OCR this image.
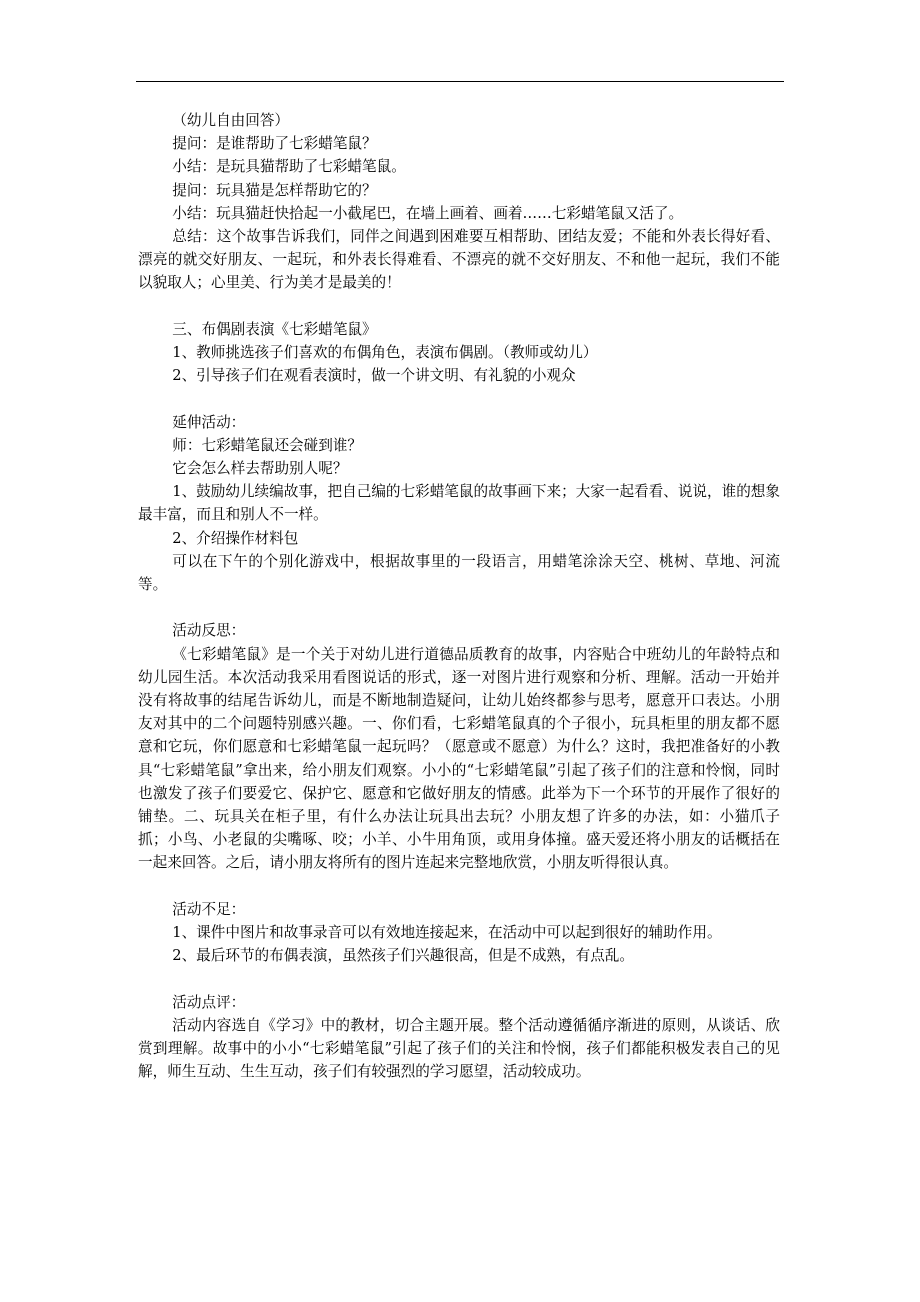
（幼儿自由回答）

提问：是谁帮助了七彩蜡笔鼠？

小结：是玩具猫帮助了七彩蜡笔鼠。

提问：玩具猫是怎样帮助它的？

小结：玩具猫赶快拾起一小截尾巴，在墙上画着、画着……七彩蜡笔鼠又活了。

总结：这个故事告诉我们，同伴之间遇到困难要互相帮助、团结友爱；不能和外表长得好看、漂亮的就交好朋友、一起玩，和外表长得难看、不漂亮的就不交好朋友、不和他一起玩，我们不能以貌取人；心里美、行为美才是最美的！

三、布偶剧表演《七彩蜡笔鼠》

1、教师挑选孩子们喜欢的布偶角色，表演布偶剧。（教师或幼儿）

2、引导孩子们在观看表演时，做一个讲文明、有礼貌的小观众

延伸活动：

师：七彩蜡笔鼠还会碰到谁？

它会怎么样去帮助别人呢？

1、鼓励幼儿续编故事，把自己编的七彩蜡笔鼠的故事画下来；大家一起看看、说说，谁的想象最丰富，而且和别人不一样。

2、介绍操作材料包

可以在下午的个别化游戏中，根据故事里的一段语言，用蜡笔涂涂天空、桃树、草地、河流等。

活动反思：

《七彩蜡笔鼠》是一个关于对幼儿进行道德品质教育的故事，内容贴合中班幼儿的年龄特点和幼儿园生活。本次活动我采用看图说话的形式，逐一对图片进行观察和分析、理解。活动一开始并没有将故事的结尾告诉幼儿，而是不断地制造疑问，让幼儿始终都参与思考，愿意开口表达。小朋友对其中的二个问题特别感兴趣。一、你们看，七彩蜡笔鼠真的个子很小，玩具柜里的朋友都不愿意和它玩，你们愿意和七彩蜡笔鼠一起玩吗？（愿意或不愿意）为什么？这时，我把准备好的小教具“七彩蜡笔鼠”拿出来，给小朋友们观察。小小的“七彩蜡笔鼠”引起了孩子们的注意和怜悯，同时也激发了孩子们要爱它、保护它、愿意和它做好朋友的情感。此举为下一个环节的开展作了很好的铺垫。二、玩具关在柜子里，有什么办法让玩具出去玩？小朋友想了许多的办法，如：小猫爪子抓；小鸟、小老鼠的尖嘴啄、咬；小羊、小牛用角顶，或用身体撞。盛天爱还将小朋友的话概括在一起来回答。之后，请小朋友将所有的图片连起来完整地欣赏，小朋友听得很认真。

活动不足：

1、课件中图片和故事录音可以有效地连接起来，在活动中可以起到很好的辅助作用。

2、最后环节的布偶表演，虽然孩子们兴趣很高，但是不成熟，有点乱。

活动点评：

活动内容选自《学习》中的教材，切合主题开展。整个活动遵循循序渐进的原则，从谈话、欣赏到理解。故事中的小小“七彩蜡笔鼠”引起了孩子们的关注和怜悯，孩子们都能积极发表自己的见解，师生互动、生生互动，孩子们有较强烈的学习愿望，活动较成功。
